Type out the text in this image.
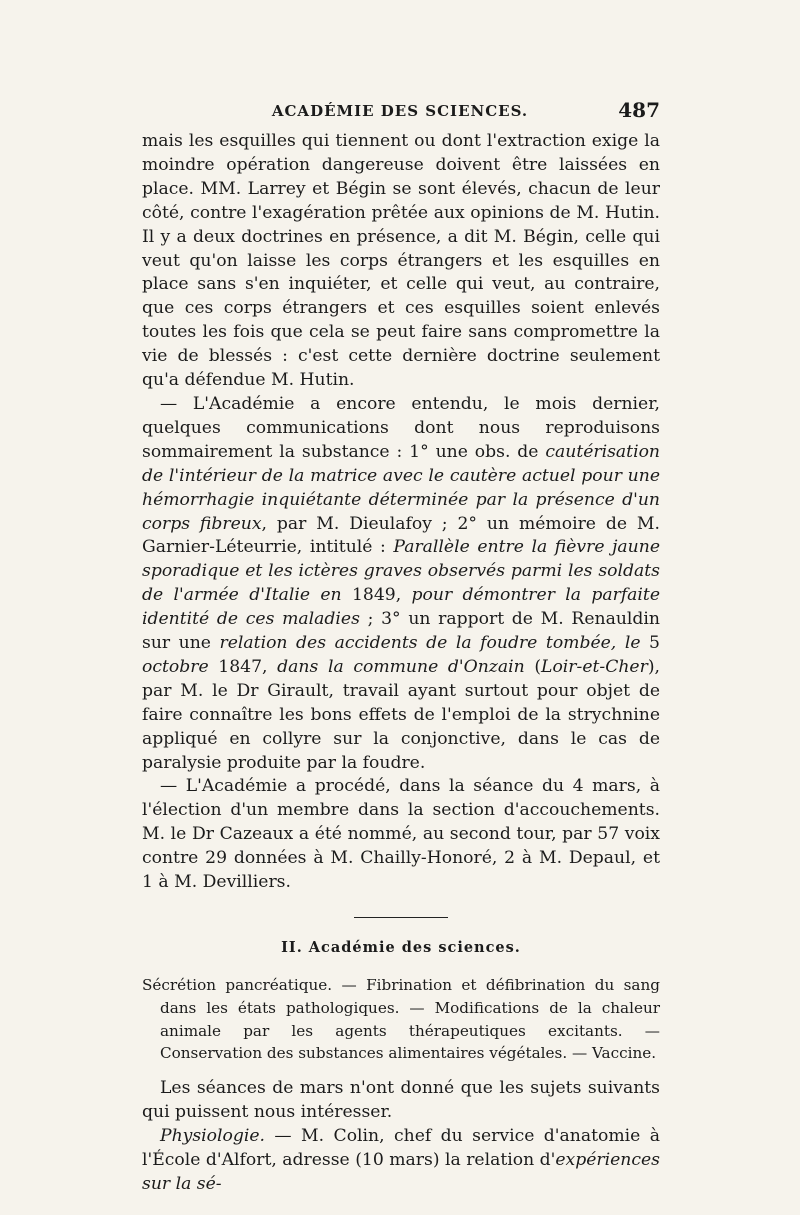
ACADÉMIE DES SCIENCES.	487

mais les esquilles qui tiennent ou dont l'extraction exige la moindre opération dangereuse doivent être laissées en place. MM. Larrey et Bégin se sont élevés, chacun de leur côté, contre l'exagération prêtée aux opinions de M. Hutin. Il y a deux doctrines en présence, a dit M. Bégin, celle qui veut qu'on laisse les corps étrangers et les esquilles en place sans s'en inquiéter, et celle qui veut, au contraire, que ces corps étrangers et ces esquilles soient enlevés toutes les fois que cela se peut faire sans compromettre la vie de blessés : c'est cette dernière doctrine seulement qu'a défendue M. Hutin.

— L'Académie a encore entendu, le mois dernier, quelques communications dont nous reproduisons sommairement la substance : 1° une obs. de cautérisation de l'intérieur de la matrice avec le cautère actuel pour une hémorrhagie inquiétante déterminée par la présence d'un corps fibreux, par M. Dieulafoy ; 2° un mémoire de M. Garnier-Léteurrie, intitulé : Parallèle entre la fièvre jaune sporadique et les ictères graves observés parmi les soldats de l'armée d'Italie en 1849, pour démontrer la parfaite identité de ces maladies ; 3° un rapport de M. Renauldin sur une relation des accidents de la foudre tombée, le 5 octobre 1847, dans la commune d'Onzain (Loir-et-Cher), par M. le Dr Girault, travail ayant surtout pour objet de faire connaître les bons effets de l'emploi de la strychnine appliqué en collyre sur la conjonctive, dans le cas de paralysie produite par la foudre.

— L'Académie a procédé, dans la séance du 4 mars, à l'élection d'un membre dans la section d'accouchements. M. le Dr Cazeaux a été nommé, au second tour, par 57 voix contre 29 données à M. Chailly-Honoré, 2 à M. Depaul, et 1 à M. Devilliers.

II. Académie des sciences.

Sécrétion pancréatique. — Fibrination et défibrination du sang dans les états pathologiques. — Modifications de la chaleur animale par les agents thérapeutiques excitants. — Conservation des substances alimentaires végétales. — Vaccine.

Les séances de mars n'ont donné que les sujets suivants qui puissent nous intéresser.

Physiologie. — M. Colin, chef du service d'anatomie à l'École d'Alfort, adresse (10 mars) la relation d'expériences sur la sé-
